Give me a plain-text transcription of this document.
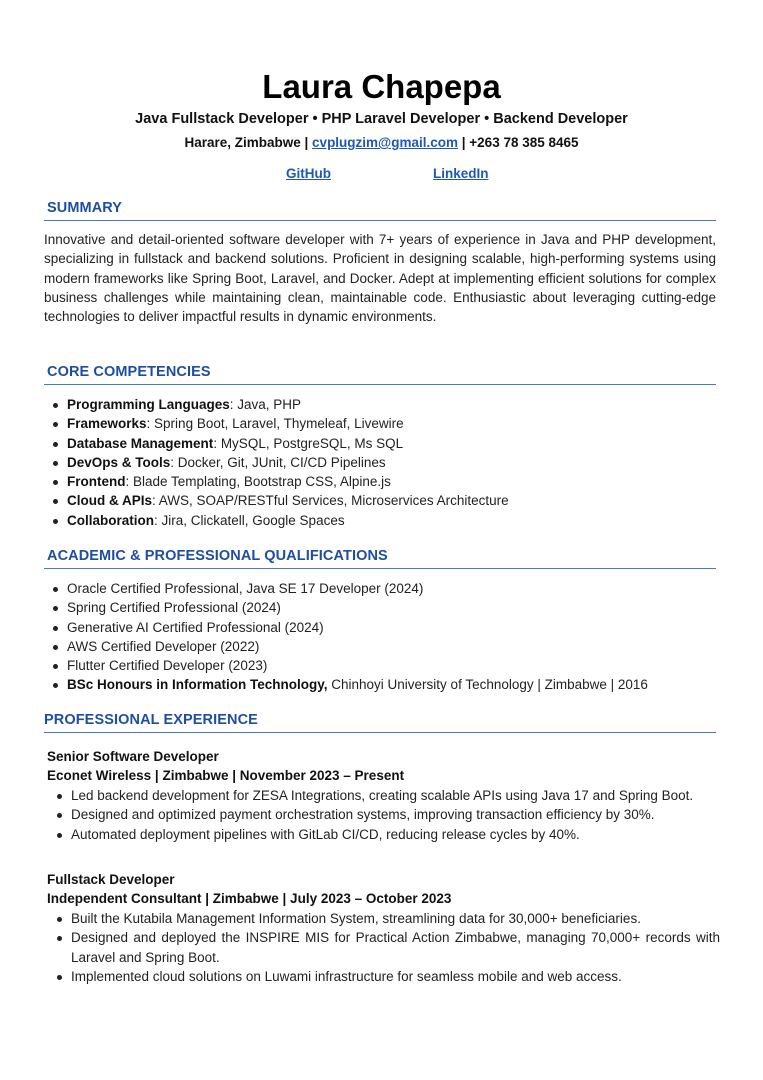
Laura Chapepa
Java Fullstack Developer • PHP Laravel Developer • Backend Developer
Harare, Zimbabwe | cvplugzim@gmail.com | +263 78 385 8465
GitHub	LinkedIn
SUMMARY
Innovative and detail-oriented software developer with 7+ years of experience in Java and PHP development, specializing in fullstack and backend solutions. Proficient in designing scalable, high-performing systems using modern frameworks like Spring Boot, Laravel, and Docker. Adept at implementing efficient solutions for complex business challenges while maintaining clean, maintainable code. Enthusiastic about leveraging cutting-edge technologies to deliver impactful results in dynamic environments.
CORE COMPETENCIES
Programming Languages: Java, PHP
Frameworks: Spring Boot, Laravel, Thymeleaf, Livewire
Database Management: MySQL, PostgreSQL, Ms SQL
DevOps & Tools: Docker, Git, JUnit, CI/CD Pipelines
Frontend: Blade Templating, Bootstrap CSS, Alpine.js
Cloud & APIs: AWS, SOAP/RESTful Services, Microservices Architecture
Collaboration: Jira, Clickatell, Google Spaces
ACADEMIC & PROFESSIONAL QUALIFICATIONS
Oracle Certified Professional, Java SE 17 Developer (2024)
Spring Certified Professional (2024)
Generative AI Certified Professional (2024)
AWS Certified Developer (2022)
Flutter Certified Developer (2023)
BSc Honours in Information Technology, Chinhoyi University of Technology | Zimbabwe | 2016
PROFESSIONAL EXPERIENCE
Senior Software Developer
Econet Wireless | Zimbabwe | November 2023 – Present
Led backend development for ZESA Integrations, creating scalable APIs using Java 17 and Spring Boot.
Designed and optimized payment orchestration systems, improving transaction efficiency by 30%.
Automated deployment pipelines with GitLab CI/CD, reducing release cycles by 40%.
Fullstack Developer
Independent Consultant | Zimbabwe | July 2023 – October 2023
Built the Kutabila Management Information System, streamlining data for 30,000+ beneficiaries.
Designed and deployed the INSPIRE MIS for Practical Action Zimbabwe, managing 70,000+ records with Laravel and Spring Boot.
Implemented cloud solutions on Luwami infrastructure for seamless mobile and web access.
